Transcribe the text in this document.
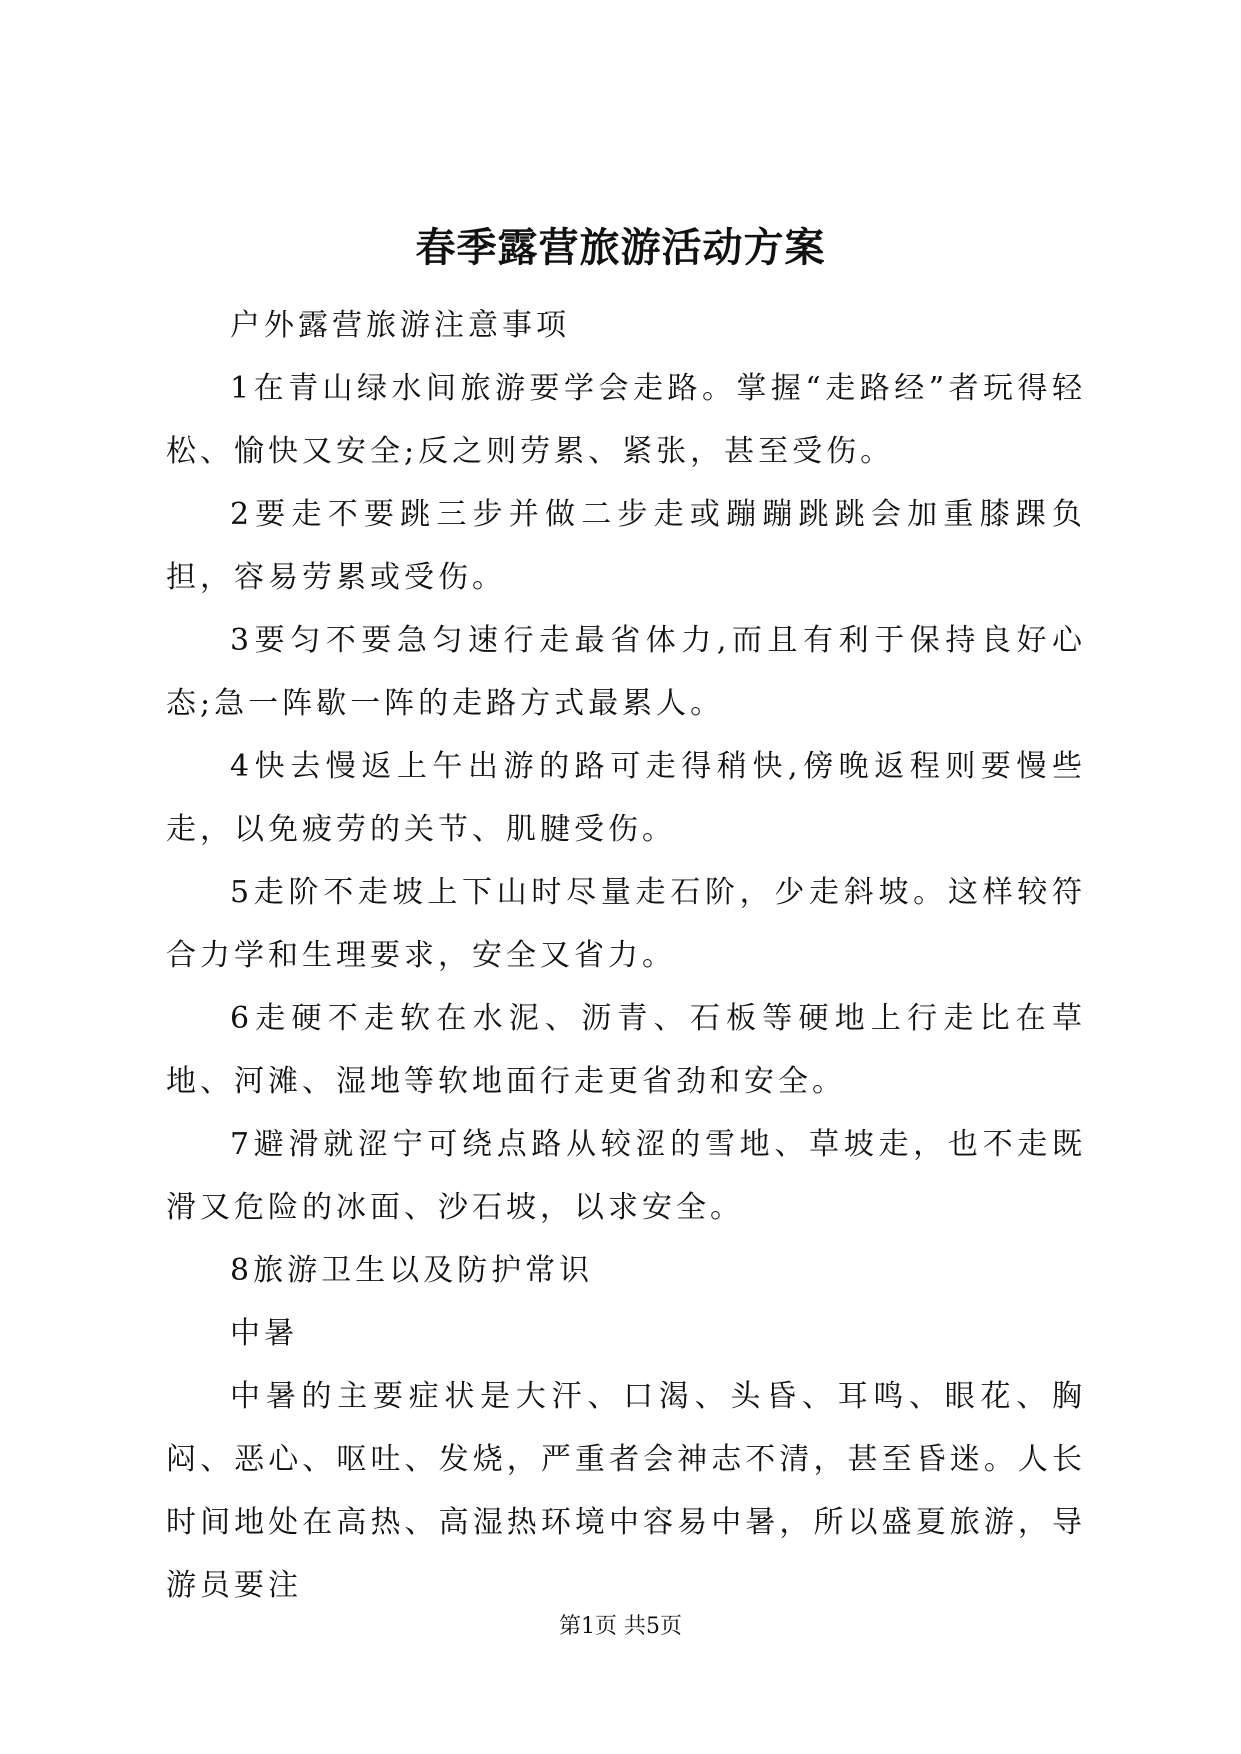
春季露营旅游活动方案

户外露营旅游注意事项

1在青山绿水间旅游要学会走路。掌握“走路经”者玩得轻松、愉快又安全;反之则劳累、紧张，甚至受伤。

2要走不要跳三步并做二步走或蹦蹦跳跳会加重膝踝负担，容易劳累或受伤。

3要匀不要急匀速行走最省体力,而且有利于保持良好心态;急一阵歇一阵的走路方式最累人。

4快去慢返上午出游的路可走得稍快,傍晚返程则要慢些走，以免疲劳的关节、肌腱受伤。

5走阶不走坡上下山时尽量走石阶，少走斜坡。这样较符合力学和生理要求，安全又省力。

6走硬不走软在水泥、沥青、石板等硬地上行走比在草地、河滩、湿地等软地面行走更省劲和安全。

7避滑就涩宁可绕点路从较涩的雪地、草坡走，也不走既滑又危险的冰面、沙石坡，以求安全。

8旅游卫生以及防护常识

中暑

中暑的主要症状是大汗、口渴、头昏、耳鸣、眼花、胸闷、恶心、呕吐、发烧，严重者会神志不清，甚至昏迷。人长时间地处在高热、高湿热环境中容易中暑，所以盛夏旅游，导游员要注

第1页 共5页
